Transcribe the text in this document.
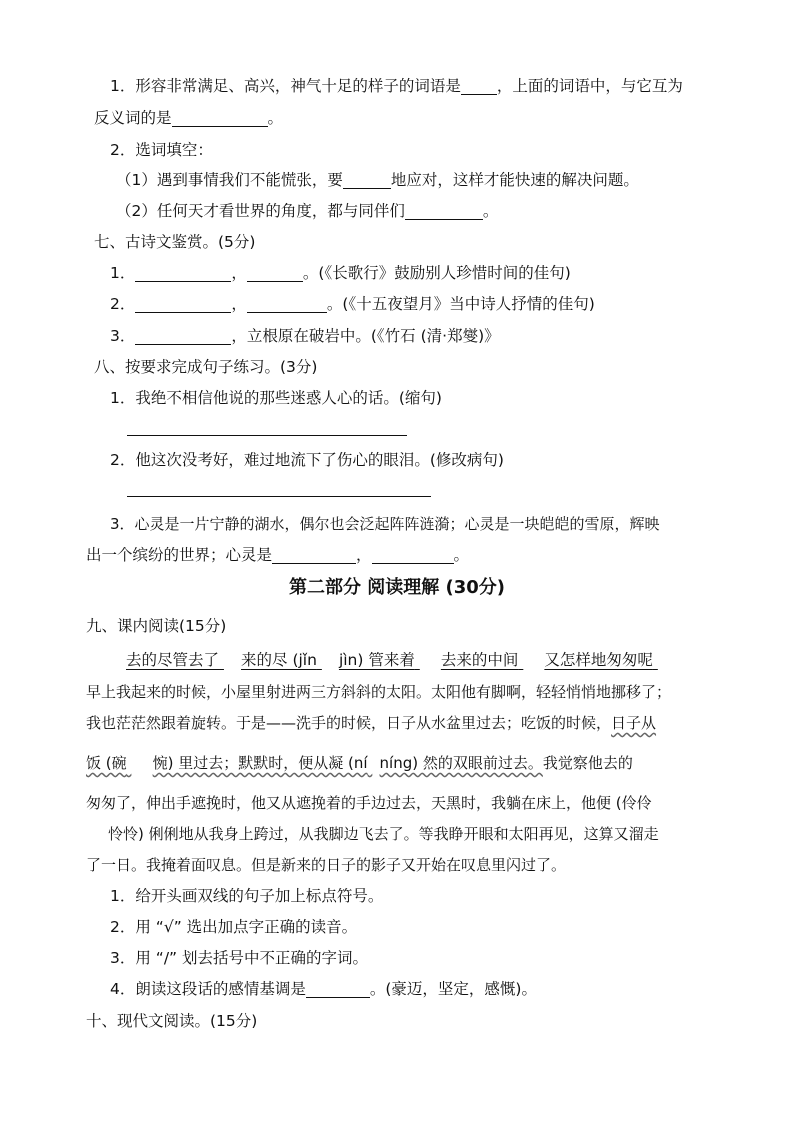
1．形容非常满足、高兴，神气十足的样子的词语是 ，上面的词语中，与它互为
反义词的是	。
2．选词填空：
（1）遇到事情我们不能慌张，要	地应对，这样才能快速的解决问题。
（2）任何天才看世界的角度，都与同伴们	。
七、古诗文鉴赏。(5分)
1．	，	。(《长歌行》鼓励别人珍惜时间的佳句)
2．	，	。(《十五夜望月》当中诗人抒情的佳句)
3．	，立根原在破岩中。(《竹石 (清·郑燮)》
八、按要求完成句子练习。(3分)
1．我绝不相信他说的那些迷惑人心的话。(缩句)
2．他这次没考好，难过地流下了伤心的眼泪。(修改病句)
3．心灵是一片宁静的湖水，偶尔也会泛起阵阵涟漪；心灵是一块皑皑的雪原，辉映
出一个缤纷的世界；心灵是	，	。
第二部分 阅读理解 (30分)
九、课内阅读(15分)
去的尽管去了 来的尽 (jǐn jìn) 管来着 去来的中间 又怎样地匆匆呢
早上我起来的时候，小屋里射进两三方斜斜的太阳。太阳他有脚啊，轻轻悄悄地挪移了；
我也茫茫然跟着旋转。于是——洗手的时候，日子从水盆里过去；吃饭的时候，日子从
饭 (碗 惋) 里过去；默默时，便从凝 (ní níng) 然的双眼前过去。我觉察他去的
匆匆了，伸出手遮挽时，他又从遮挽着的手边过去，天黑时，我躺在床上，他便 (伶伶
怜怜) 俐俐地从我身上跨过，从我脚边飞去了。等我睁开眼和太阳再见，这算又溜走
了一日。我掩着面叹息。但是新来的日子的影子又开始在叹息里闪过了。
1．给开头画双线的句子加上标点符号。
2．用 “√” 选出加点字正确的读音。
3．用 “/” 划去括号中不正确的字词。
4．朗读这段话的感情基调是	。(豪迈，坚定，感慨)。
十、现代文阅读。(15分)
